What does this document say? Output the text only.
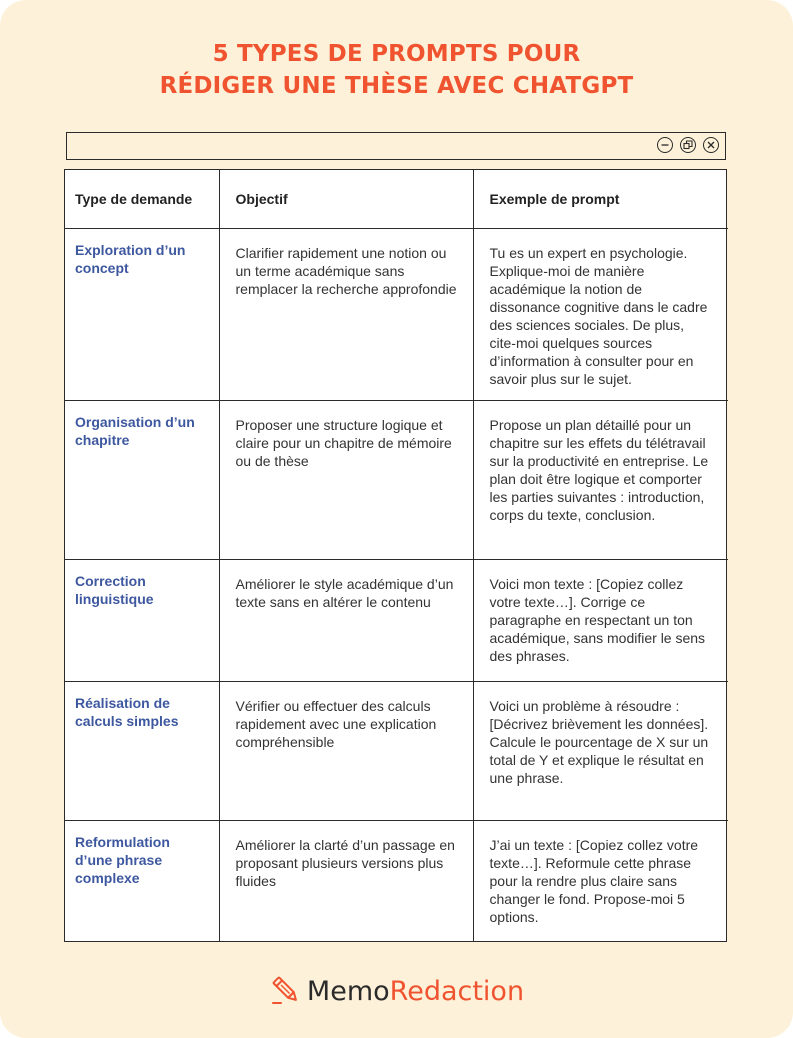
5 TYPES DE PROMPTS POUR
RÉDIGER UNE THÈSE AVEC CHATGPT
Type de demande	Objectif	Exemple de prompt
Exploration d’un concept	Clarifier rapidement une notion ou un terme académique sans remplacer la recherche approfondie	Tu es un expert en psychologie. Explique-moi de manière académique la notion de dissonance cognitive dans le cadre des sciences sociales. De plus, cite-moi quelques sources d’information à consulter pour en savoir plus sur le sujet.
Organisation d’un chapitre	Proposer une structure logique et claire pour un chapitre de mémoire ou de thèse	Propose un plan détaillé pour un chapitre sur les effets du télétravail sur la productivité en entreprise. Le plan doit être logique et comporter les parties suivantes : introduction, corps du texte, conclusion.
Correction linguistique	Améliorer le style académique d’un texte sans en altérer le contenu	Voici mon texte : [Copiez collez votre texte…]. Corrige ce paragraphe en respectant un ton académique, sans modifier le sens des phrases.
Réalisation de calculs simples	Vérifier ou effectuer des calculs rapidement avec une explication compréhensible	Voici un problème à résoudre : [Décrivez brièvement les données]. Calcule le pourcentage de X sur un total de Y et explique le résultat en une phrase.
Reformulation d’une phrase complexe	Améliorer la clarté d’un passage en proposant plusieurs versions plus fluides	J’ai un texte : [Copiez collez votre texte…]. Reformule cette phrase pour la rendre plus claire sans changer le fond. Propose-moi 5 options.
MemoRedaction
